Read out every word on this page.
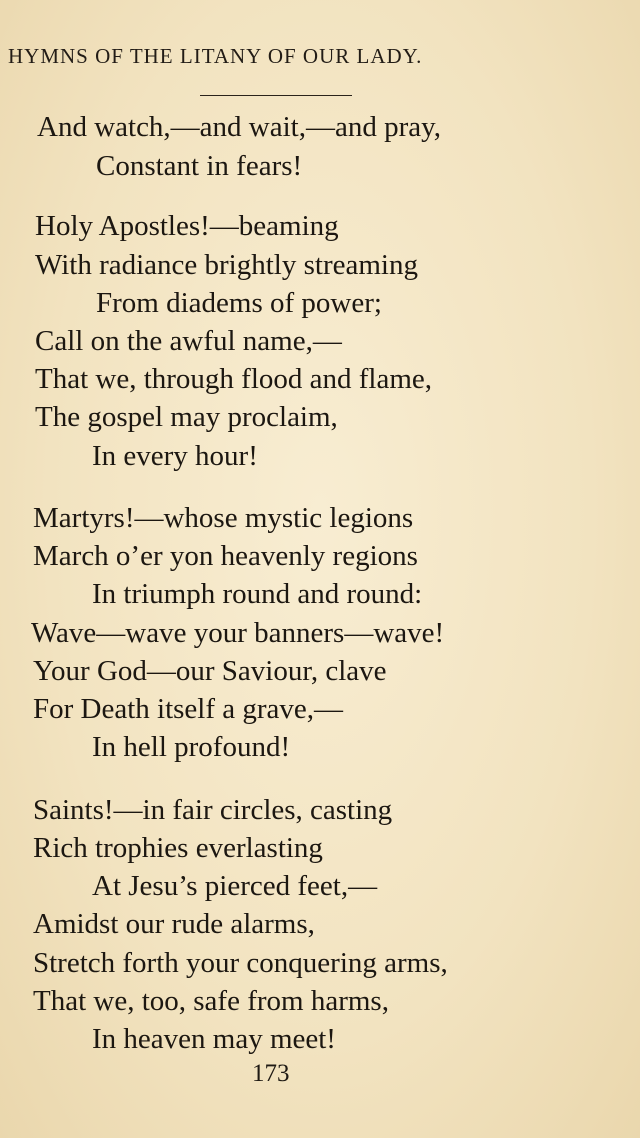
HYMNS OF THE LITANY OF OUR LADY.
And watch,—and wait,—and pray,
Constant in fears!
Holy Apostles!—beaming
With radiance brightly streaming
From diadems of power;
Call on the awful name,—
That we, through flood and flame,
The gospel may proclaim,
In every hour!
Martyrs!—whose mystic legions
March o’er yon heavenly regions
In triumph round and round:
Wave—wave your banners—wave!
Your God—our Saviour, clave
For Death itself a grave,—
In hell profound!
Saints!—in fair circles, casting
Rich trophies everlasting
At Jesu’s pierced feet,—
Amidst our rude alarms,
Stretch forth your conquering arms,
That we, too, safe from harms,
In heaven may meet!
173
